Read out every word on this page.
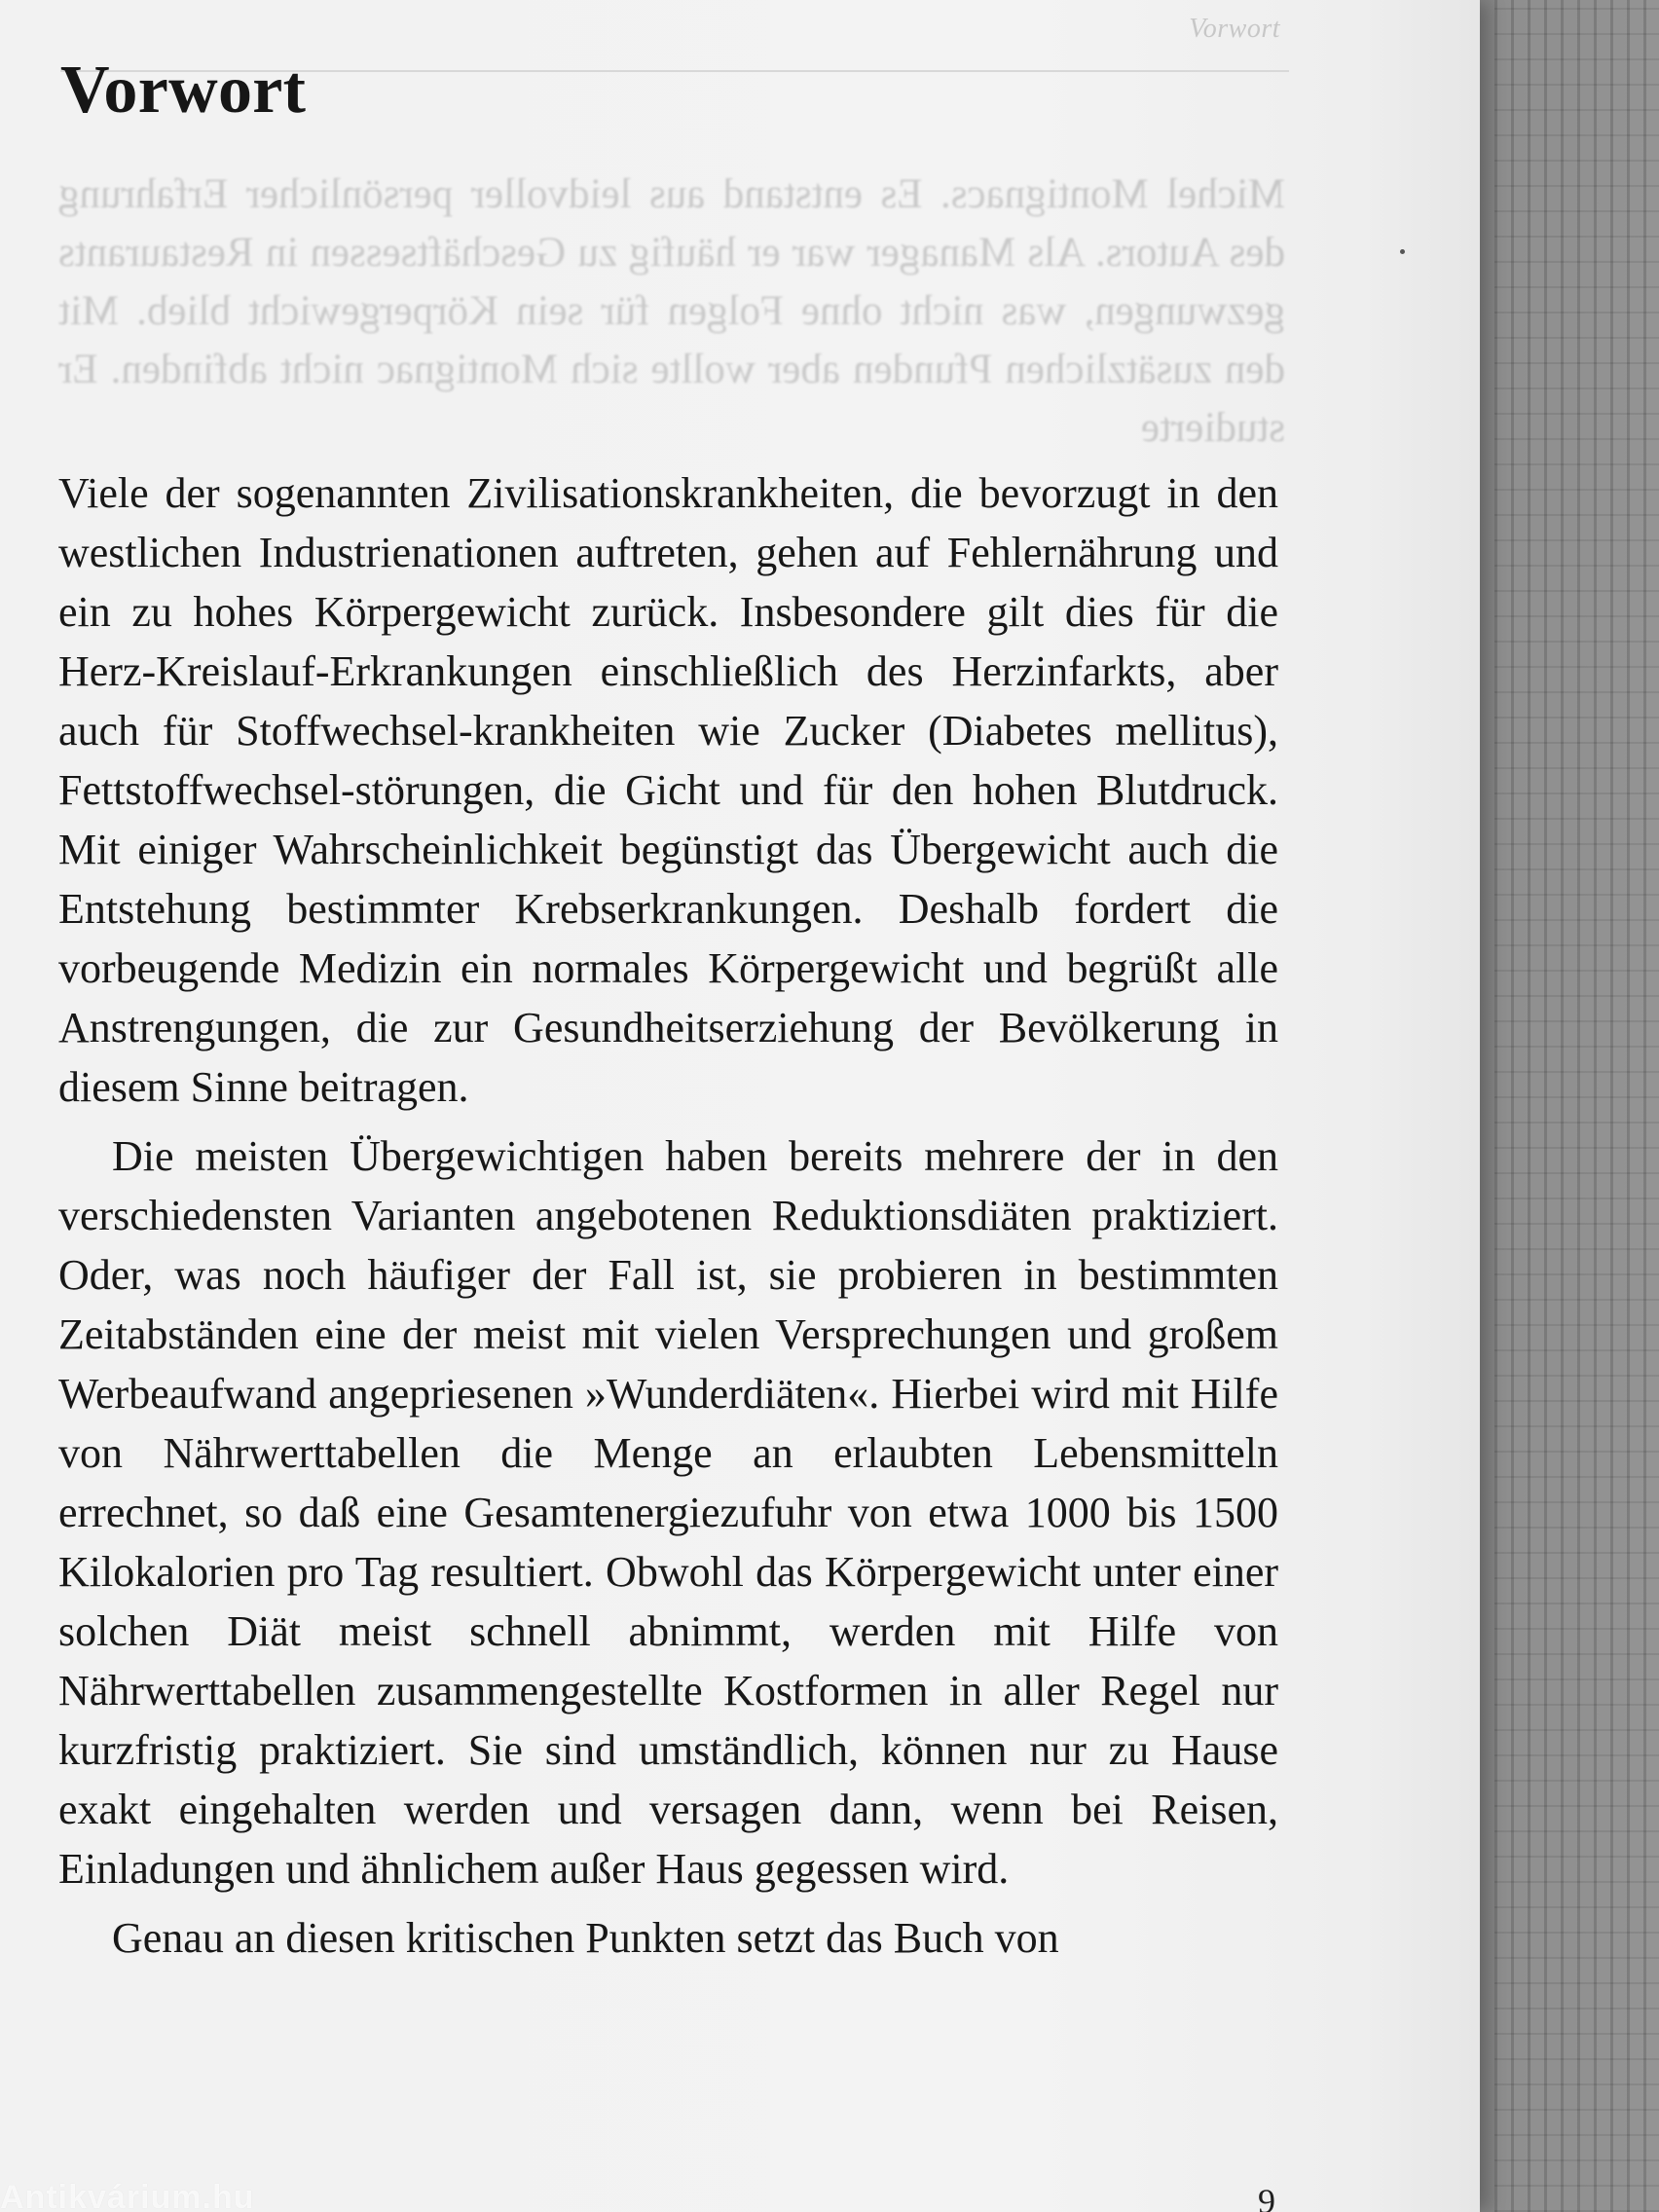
Michel Montignacs. Es entstand aus leidvoller persönlicher Erfahrung des Autors. Als Manager war er häufig zu Geschäftsessen in Restaurants gezwungen, was nicht ohne Folgen für sein Körpergewicht blieb. Mit den zusätzlichen Pfunden aber wollte sich Montignac nicht abfinden. Er studierte
Vorwort
Vorwort

Viele der sogenannten Zivilisationskrankheiten, die bevorzugt in den westlichen Industrienationen auftreten, gehen auf Fehlernährung und ein zu hohes Körpergewicht zurück. Insbesondere gilt dies für die Herz-Kreislauf-Erkrankungen einschließlich des Herzinfarkts, aber auch für Stoffwechsel-krankheiten wie Zucker (Diabetes mellitus), Fettstoffwechsel-störungen, die Gicht und für den hohen Blutdruck. Mit einiger Wahrscheinlichkeit begünstigt das Übergewicht auch die Entstehung bestimmter Krebserkrankungen. Deshalb fordert die vorbeugende Medizin ein normales Körpergewicht und begrüßt alle Anstrengungen, die zur Gesundheitserziehung der Bevölkerung in diesem Sinne beitragen.

Die meisten Übergewichtigen haben bereits mehrere der in den verschiedensten Varianten angebotenen Reduktionsdiäten praktiziert. Oder, was noch häufiger der Fall ist, sie probieren in bestimmten Zeitabständen eine der meist mit vielen Versprechungen und großem Werbeaufwand angepriesenen »Wunderdiäten«. Hierbei wird mit Hilfe von Nährwerttabellen die Menge an erlaubten Lebensmitteln errechnet, so daß eine Gesamtenergiezufuhr von etwa 1000 bis 1500 Kilokalorien pro Tag resultiert. Obwohl das Körpergewicht unter einer solchen Diät meist schnell abnimmt, werden mit Hilfe von Nährwerttabellen zusammengestellte Kostformen in aller Regel nur kurzfristig praktiziert. Sie sind umständlich, können nur zu Hause exakt eingehalten werden und versagen dann, wenn bei Reisen, Einladungen und ähnlichem außer Haus gegessen wird.

Genau an diesen kritischen Punkten setzt das Buch von

9
Antikvárium.hu
